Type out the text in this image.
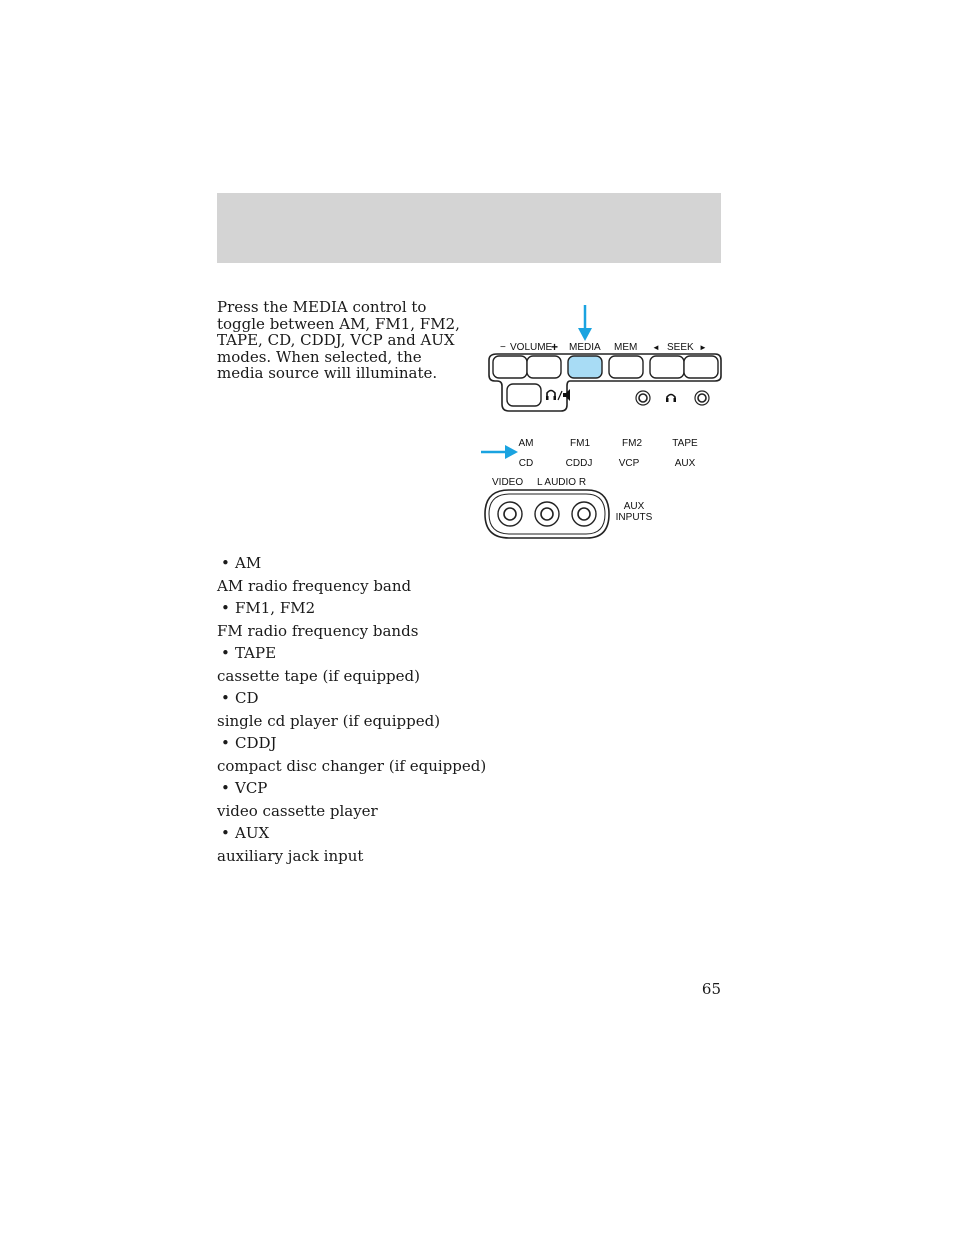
Press the MEDIA control to toggle between AM, FM1, FM2, TAPE, CD, CDDJ, VCP and AUX modes. When selected, the media source will illuminate.

− VOLUME
+ MEDIA MEM ◄ SEEK ►
AM	FM1	FM2	TAPE
CD	CDDJ	VCP	AUX
VIDEO L AUDIO R
AUX
INPUTS
• AM
AM radio frequency band
• FM1, FM2
FM radio frequency bands
• TAPE
cassette tape (if equipped)
• CD
single cd player (if equipped)
• CDDJ
compact disc changer (if equipped)
• VCP
video cassette player
• AUX
auxiliary jack input
65
